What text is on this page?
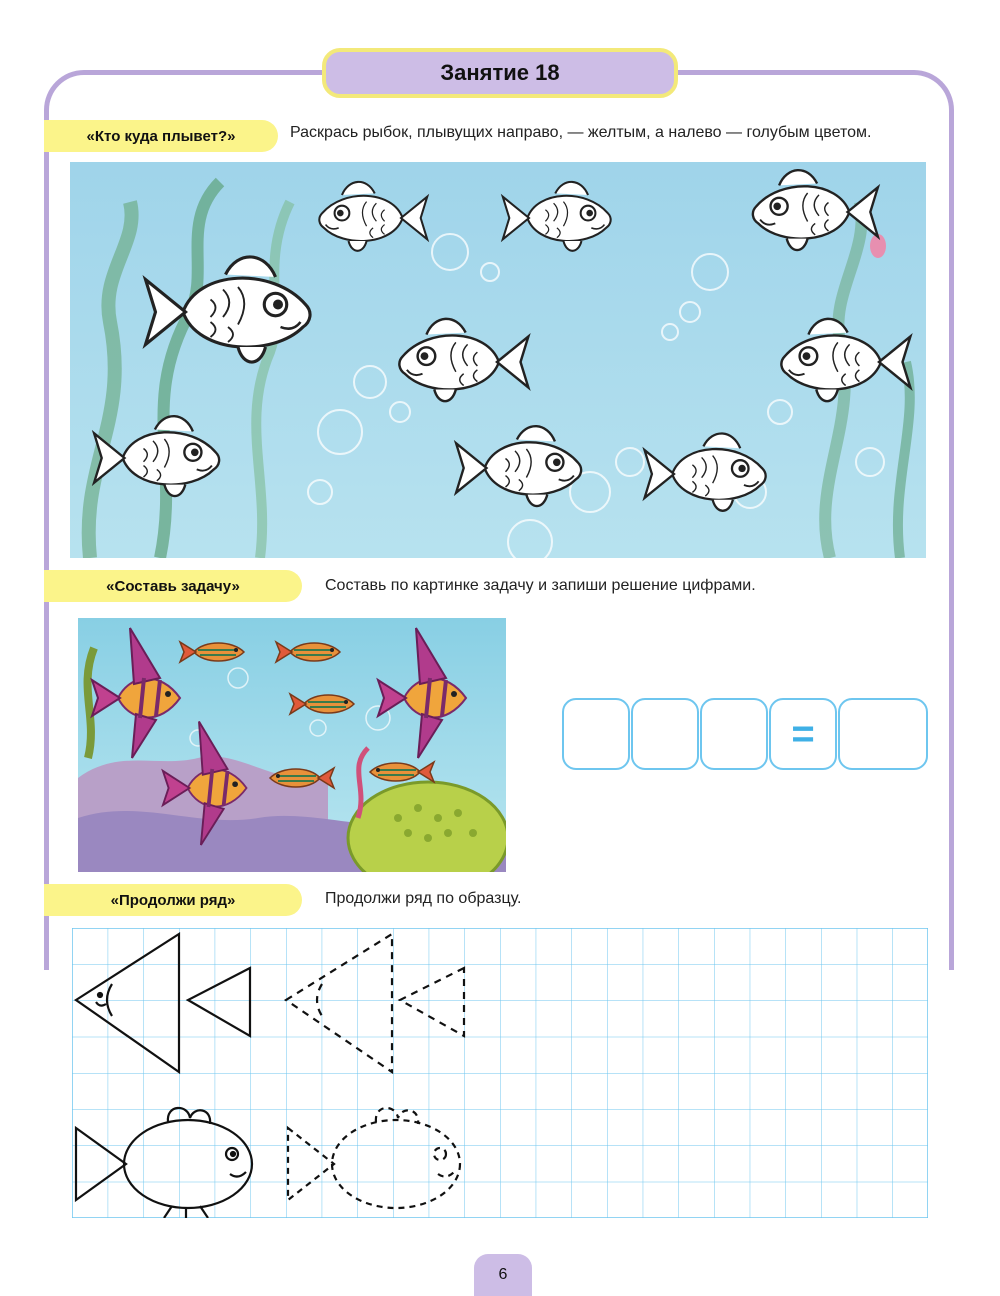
Занятие 18
«Кто куда плывет?»	Раскрась рыбок, плывущих направо, — желтым, а налево — голубым цветом.
«Составь задачу»	Составь по картинке задачу и запиши решение цифрами.
=
«Продолжи ряд»	Продолжи ряд по образцу.
6
